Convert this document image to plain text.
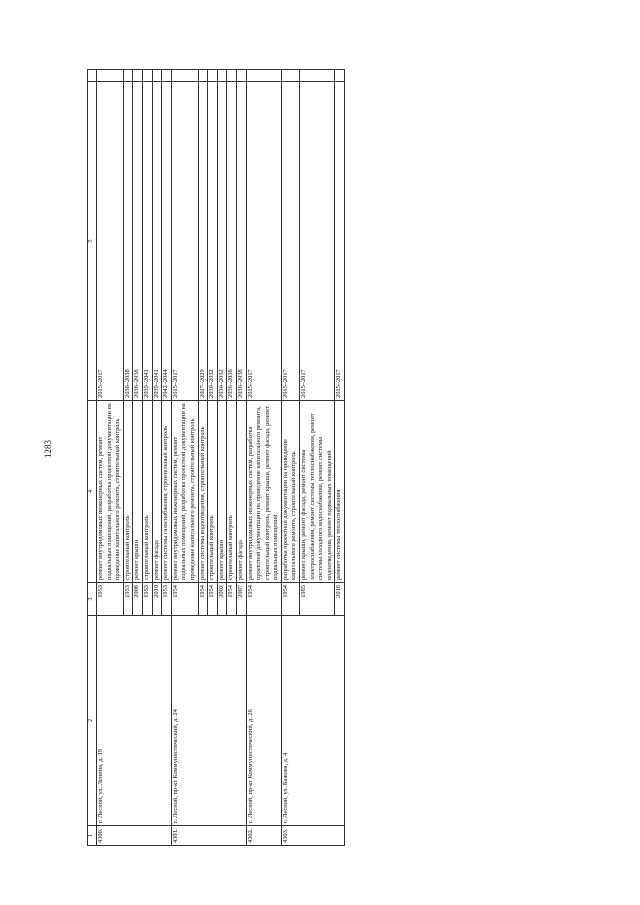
1283
1	2	3	4	5	
4300.	г. Лесной, ул. Ленина, д. 19	1953	ремонт внутридомовых инженерных систем, ремонт подвальных помещений, разработка проектной документации на проведение капитального ремонта, строительный контроль	2015–2017	
		1953	строительный контроль	2036–2038	
		2008	ремонт крыши	2036–2038	
		1953	строительный контроль	2039–2041	
		2010	ремонт фасада	2039–2041	
		1953	ремонт системы газоснабжения, строительный контроль	2042–2044	
4301.	г. Лесной, пр-кт Коммунистический, д. 24	1954	ремонт внутридомовых инженерных систем, ремонт подвальных помещений, разработка проектной документации на проведение капитального ремонта, строительный контроль	2015–2017	
		1954	ремонт системы водоотведения, строительный контроль	2027–2029	
		1954	строительный контроль	2030–2032	
		2002	ремонт крыши	2030–2032	
		1954	строительный контроль	2036–2038	
		2007	ремонт фасада	2036–2038	
4302.	г. Лесной, пр-кт Коммунистический, д. 26	1954	ремонт внутридомовых инженерных систем, разработка проектной документации на проведение капитального ремонта, строительный контроль, ремонт крыши, ремонт фасада, ремонт подвальных помещений	2015–2017	
4303.	г. Лесной, ул. Бажова, д. 4	1954	разработка проектной документации на проведение капитального ремонта, строительный контроль	2015–2017	
		1985	ремонт крыши, ремонт фасада, ремонт системы электроснабжения, ремонт системы теплоснабжения, ремонт системы холодного водоснабжения, ремонт системы водоотведения, ремонт подвальных помещений	2015–2017	
		2016	ремонт системы теплоснабжения	2015–2017	
